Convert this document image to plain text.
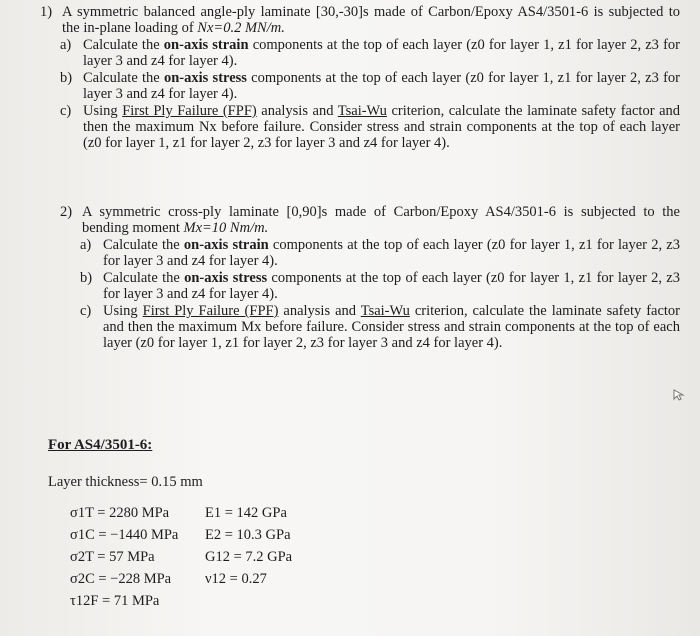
1) A symmetric balanced angle-ply laminate [30,-30]s made of Carbon/Epoxy AS4/3501-6 is subjected to the in-plane loading of Nx=0.2 MN/m.
a) Calculate the on-axis strain components at the top of each layer (z0 for layer 1, z1 for layer 2, z3 for layer 3 and z4 for layer 4).
b) Calculate the on-axis stress components at the top of each layer (z0 for layer 1, z1 for layer 2, z3 for layer 3 and z4 for layer 4).
c) Using First Ply Failure (FPF) analysis and Tsai-Wu criterion, calculate the laminate safety factor and then the maximum Nx before failure. Consider stress and strain components at the top of each layer (z0 for layer 1, z1 for layer 2, z3 for layer 3 and z4 for layer 4).
2) A symmetric cross-ply laminate [0,90]s made of Carbon/Epoxy AS4/3501-6 is subjected to the bending moment Mx=10 Nm/m.
a) Calculate the on-axis strain components at the top of each layer (z0 for layer 1, z1 for layer 2, z3 for layer 3 and z4 for layer 4).
b) Calculate the on-axis stress components at the top of each layer (z0 for layer 1, z1 for layer 2, z3 for layer 3 and z4 for layer 4).
c) Using First Ply Failure (FPF) analysis and Tsai-Wu criterion, calculate the laminate safety factor and then the maximum Mx before failure. Consider stress and strain components at the top of each layer (z0 for layer 1, z1 for layer 2, z3 for layer 3 and z4 for layer 4).
For AS4/3501-6:
Layer thickness= 0.15 mm
σ1T = 2280 MPa	E1 = 142 GPa
σ1C = −1440 MPa	E2 = 10.3 GPa
σ2T = 57 MPa	G12 = 7.2 GPa
σ2C = −228 MPa	ν12 = 0.27
τ12F = 71 MPa
